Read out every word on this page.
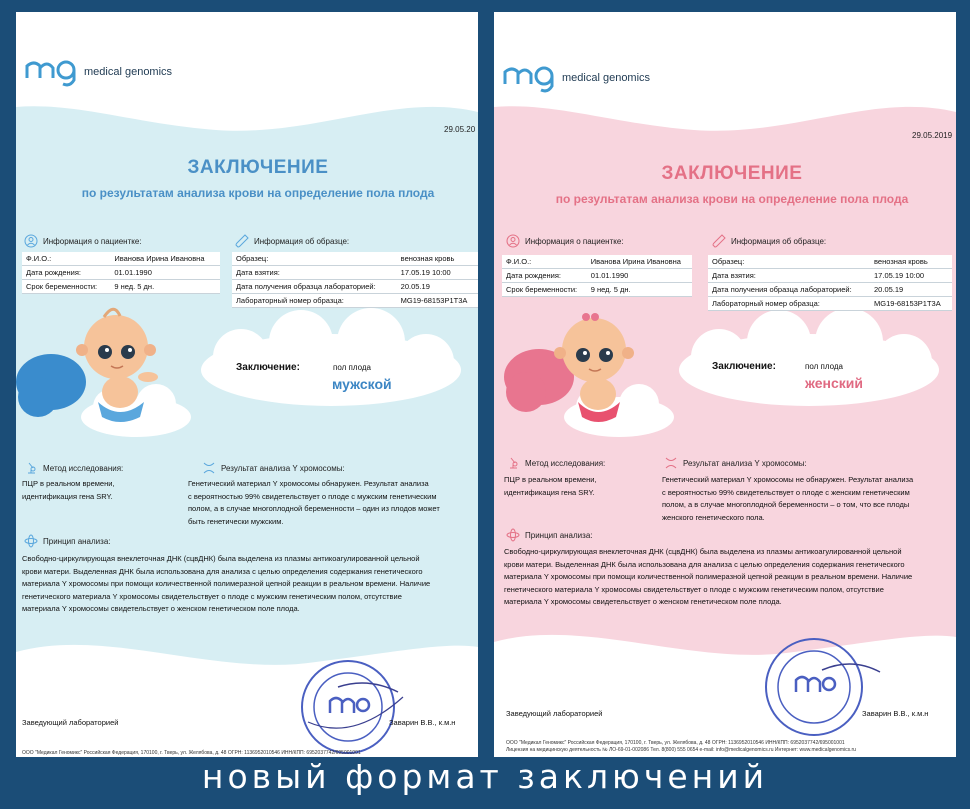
medical genomics
29.05.20
ЗАКЛЮЧЕНИЕ
по результатам анализа крови на определение пола плода
Информация о пациентке:
Ф.И.О.:	Иванова Ирина Ивановна
Дата рождения:	01.01.1990
Срок беременности:	9 нед. 5 дн.
Информация об образце:
Образец:	венозная кровь
Дата взятия:	17.05.19 10:00
Дата получения образца лабораторией:	20.05.19
Лабораторный номер образца:	MG19-68153P1T3A
Заключение:	пол плода
мужской
Метод исследования:
ПЦР в реальном времени,
идентификация гена SRY.
Результат анализа Y хромосомы:
Генетический материал Y хромосомы обнаружен. Результат анализа
с вероятностью 99% свидетельствует о плоде с мужским генетическим
полом, а в случае многоплодной беременности – один из плодов может
быть генетически мужским.
Принцип анализа:
Свободно-циркулирующая внеклеточная ДНК (сцвДНК) была выделена из плазмы антикоагулированной цельной
крови матери. Выделенная ДНК была использована для анализа с целью определения содержания генетического
материала Y хромосомы при помощи количественной полимеразной цепной реакции в реальном времени. Наличие
генетического материала Y хромосомы свидетельствует о плоде с мужским генетическим полом, отсутствие
материала Y хромосомы свидетельствует о женском генетическом поле плода.
Заведующий лабораторией	Заварин В.В., к.м.н
ООО "Медикал Геномикс" Российская Федерация, 170100, г. Тверь, ул. Желябова, д. 48 ОГРН: 1136952010546 ИНН/КПП: 6952037742/695001001
medical genomics
29.05.2019
ЗАКЛЮЧЕНИЕ
по результатам анализа крови на определение пола плода
Информация о пациентке:
Ф.И.О.:	Иванова Ирина Ивановна
Дата рождения:	01.01.1990
Срок беременности:	9 нед. 5 дн.
Информация об образце:
Образец:	венозная кровь
Дата взятия:	17.05.19 10:00
Дата получения образца лабораторией:	20.05.19
Лабораторный номер образца:	MG19-68153P1T3A
Заключение:	пол плода
женский
Метод исследования:
ПЦР в реальном времени,
идентификация гена SRY.
Результат анализа Y хромосомы:
Генетический материал Y хромосомы не обнаружен. Результат анализа
с вероятностью 99% свидетельствует о плоде с женским генетическим
полом, а в случае многоплодной беременности – о том, что все плоды
женского генетического пола.
Принцип анализа:
Свободно-циркулирующая внеклеточная ДНК (сцвДНК) была выделена из плазмы антикоагулированной цельной
крови матери. Выделенная ДНК была использована для анализа с целью определения содержания генетического
материала Y хромосомы при помощи количественной полимеразной цепной реакции в реальном времени. Наличие
генетического материала Y хромосомы свидетельствует о плоде с мужским генетическим полом, отсутствие
материала Y хромосомы свидетельствует о женском генетическом поле плода.
Заведующий лабораторией	Заварин В.В., к.м.н
ООО "Медикал Геномикс" Российская Федерация, 170100, г. Тверь, ул. Желябова, д. 48 ОГРН: 1136952010546 ИНН/КПП: 6952037742/695001001
Лицензия на медицинскую деятельность № ЛО-69-01-002086 Тел. 8(800) 555 0654 e-mail: info@medicalgenomics.ru Интернет: www.medicalgenomics.ru
новый формат заключений
